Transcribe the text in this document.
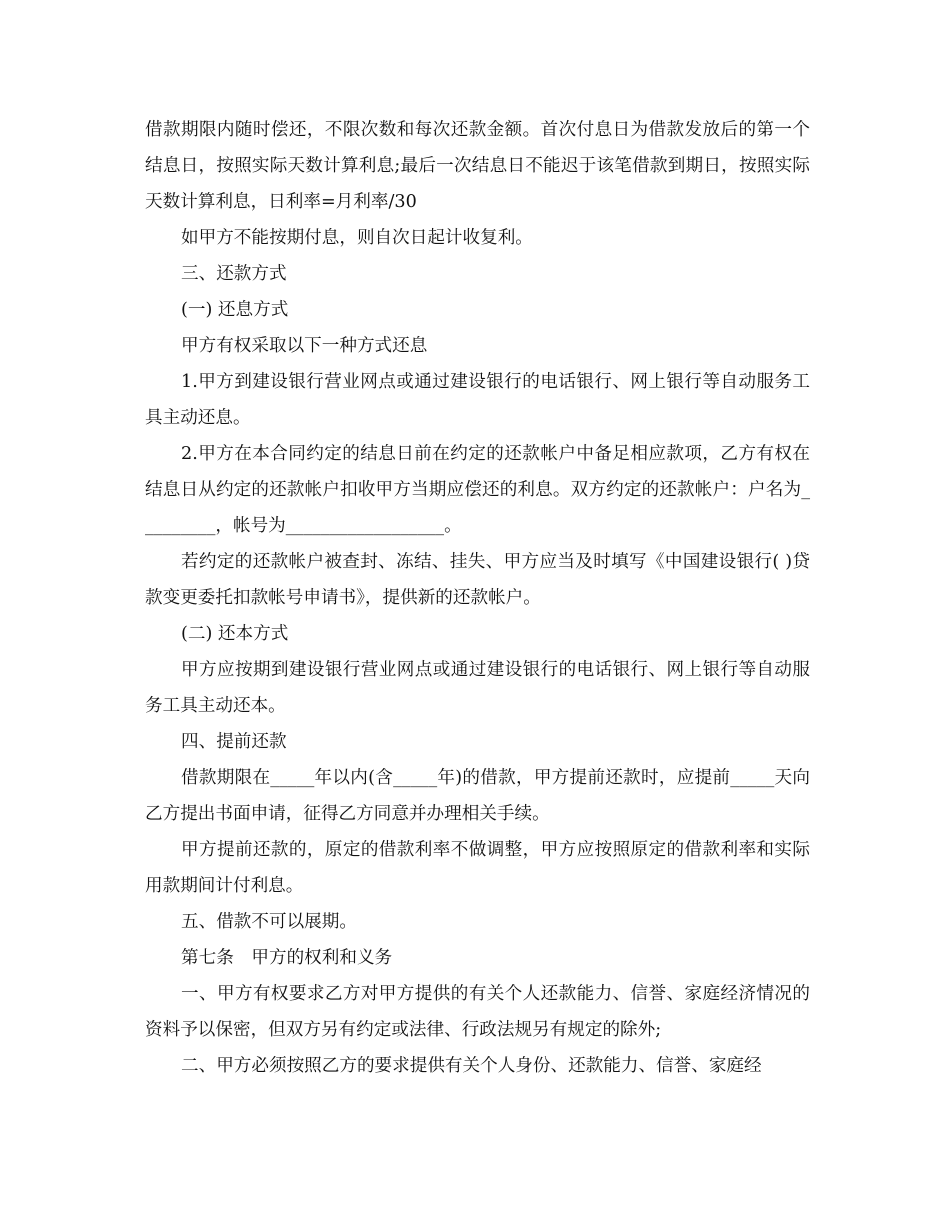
借款期限内随时偿还，不限次数和每次还款金额。首次付息日为借款发放后的第一个结息日，按照实际天数计算利息;最后一次结息日不能迟于该笔借款到期日，按照实际天数计算利息，日利率=月利率/30

如甲方不能按期付息，则自次日起计收复利。

三、还款方式

(一) 还息方式

甲方有权采取以下一种方式还息

1.甲方到建设银行营业网点或通过建设银行的电话银行、网上银行等自动服务工具主动还息。

2.甲方在本合同约定的结息日前在约定的还款帐户中备足相应款项，乙方有权在结息日从约定的还款帐户扣收甲方当期应偿还的利息。双方约定的还款帐户：户名为_________，帐号为__________________。

若约定的还款帐户被查封、冻结、挂失、甲方应当及时填写《中国建设银行( )贷款变更委托扣款帐号申请书》，提供新的还款帐户。

(二) 还本方式

甲方应按期到建设银行营业网点或通过建设银行的电话银行、网上银行等自动服务工具主动还本。

四、提前还款

借款期限在_____年以内(含_____年)的借款，甲方提前还款时，应提前_____天向乙方提出书面申请，征得乙方同意并办理相关手续。

甲方提前还款的，原定的借款利率不做调整，甲方应按照原定的借款利率和实际用款期间计付利息。

五、借款不可以展期。

第七条　甲方的权利和义务

一、甲方有权要求乙方对甲方提供的有关个人还款能力、信誉、家庭经济情况的资料予以保密，但双方另有约定或法律、行政法规另有规定的除外;

二、甲方必须按照乙方的要求提供有关个人身份、还款能力、信誉、家庭经
